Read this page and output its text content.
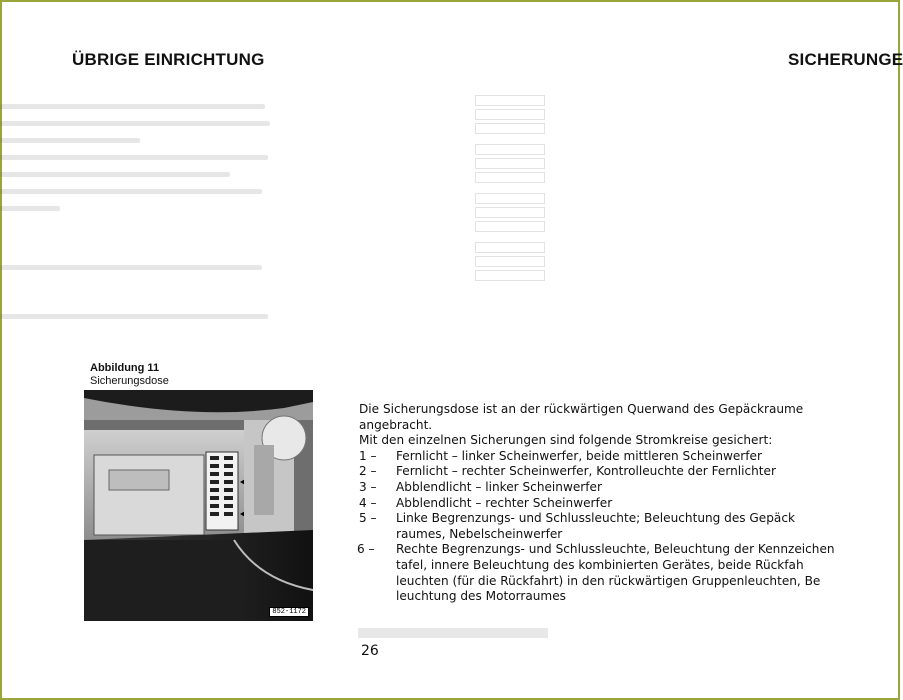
ÜBRIGE EINRICHTUNG	SICHERUNGE
Abbildung 11
Sicherungsdose
852-1172

Die Sicherungsdose ist an der rückwärtigen Querwand des Gepäckraume

angebracht.

Mit den einzelnen Sicherungen sind folgende Stromkreise gesichert:

1 –	Fernlicht – linker Scheinwerfer, beide mittleren Scheinwerfer
2 –	Fernlicht – rechter Scheinwerfer, Kontrolleuchte der Fernlichter
3 –	Abblendlicht – linker Scheinwerfer
4 –	Abblendlicht – rechter Scheinwerfer
5 –	Linke Begrenzungs- und Schlussleuchte; Beleuchtung des Gepäck
raumes, Nebelscheinwerfer
6 –	Rechte Begrenzungs- und Schlussleuchte, Beleuchtung der Kennzeichen
tafel, innere Beleuchtung des kombinierten Gerätes, beide Rückfah
leuchten (für die Rückfahrt) in den rückwärtigen Gruppenleuchten, Be
leuchtung des Motorraumes
26
